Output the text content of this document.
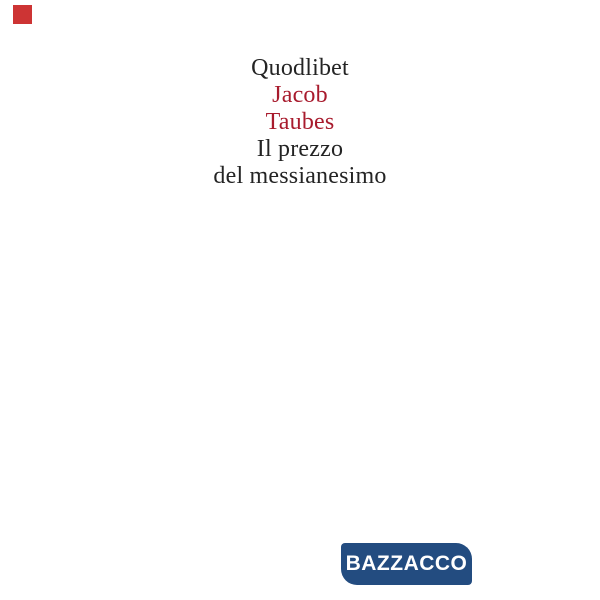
Quodlibet
Jacob
Taubes
Il prezzo
del messianesimo
BAZZACCO
